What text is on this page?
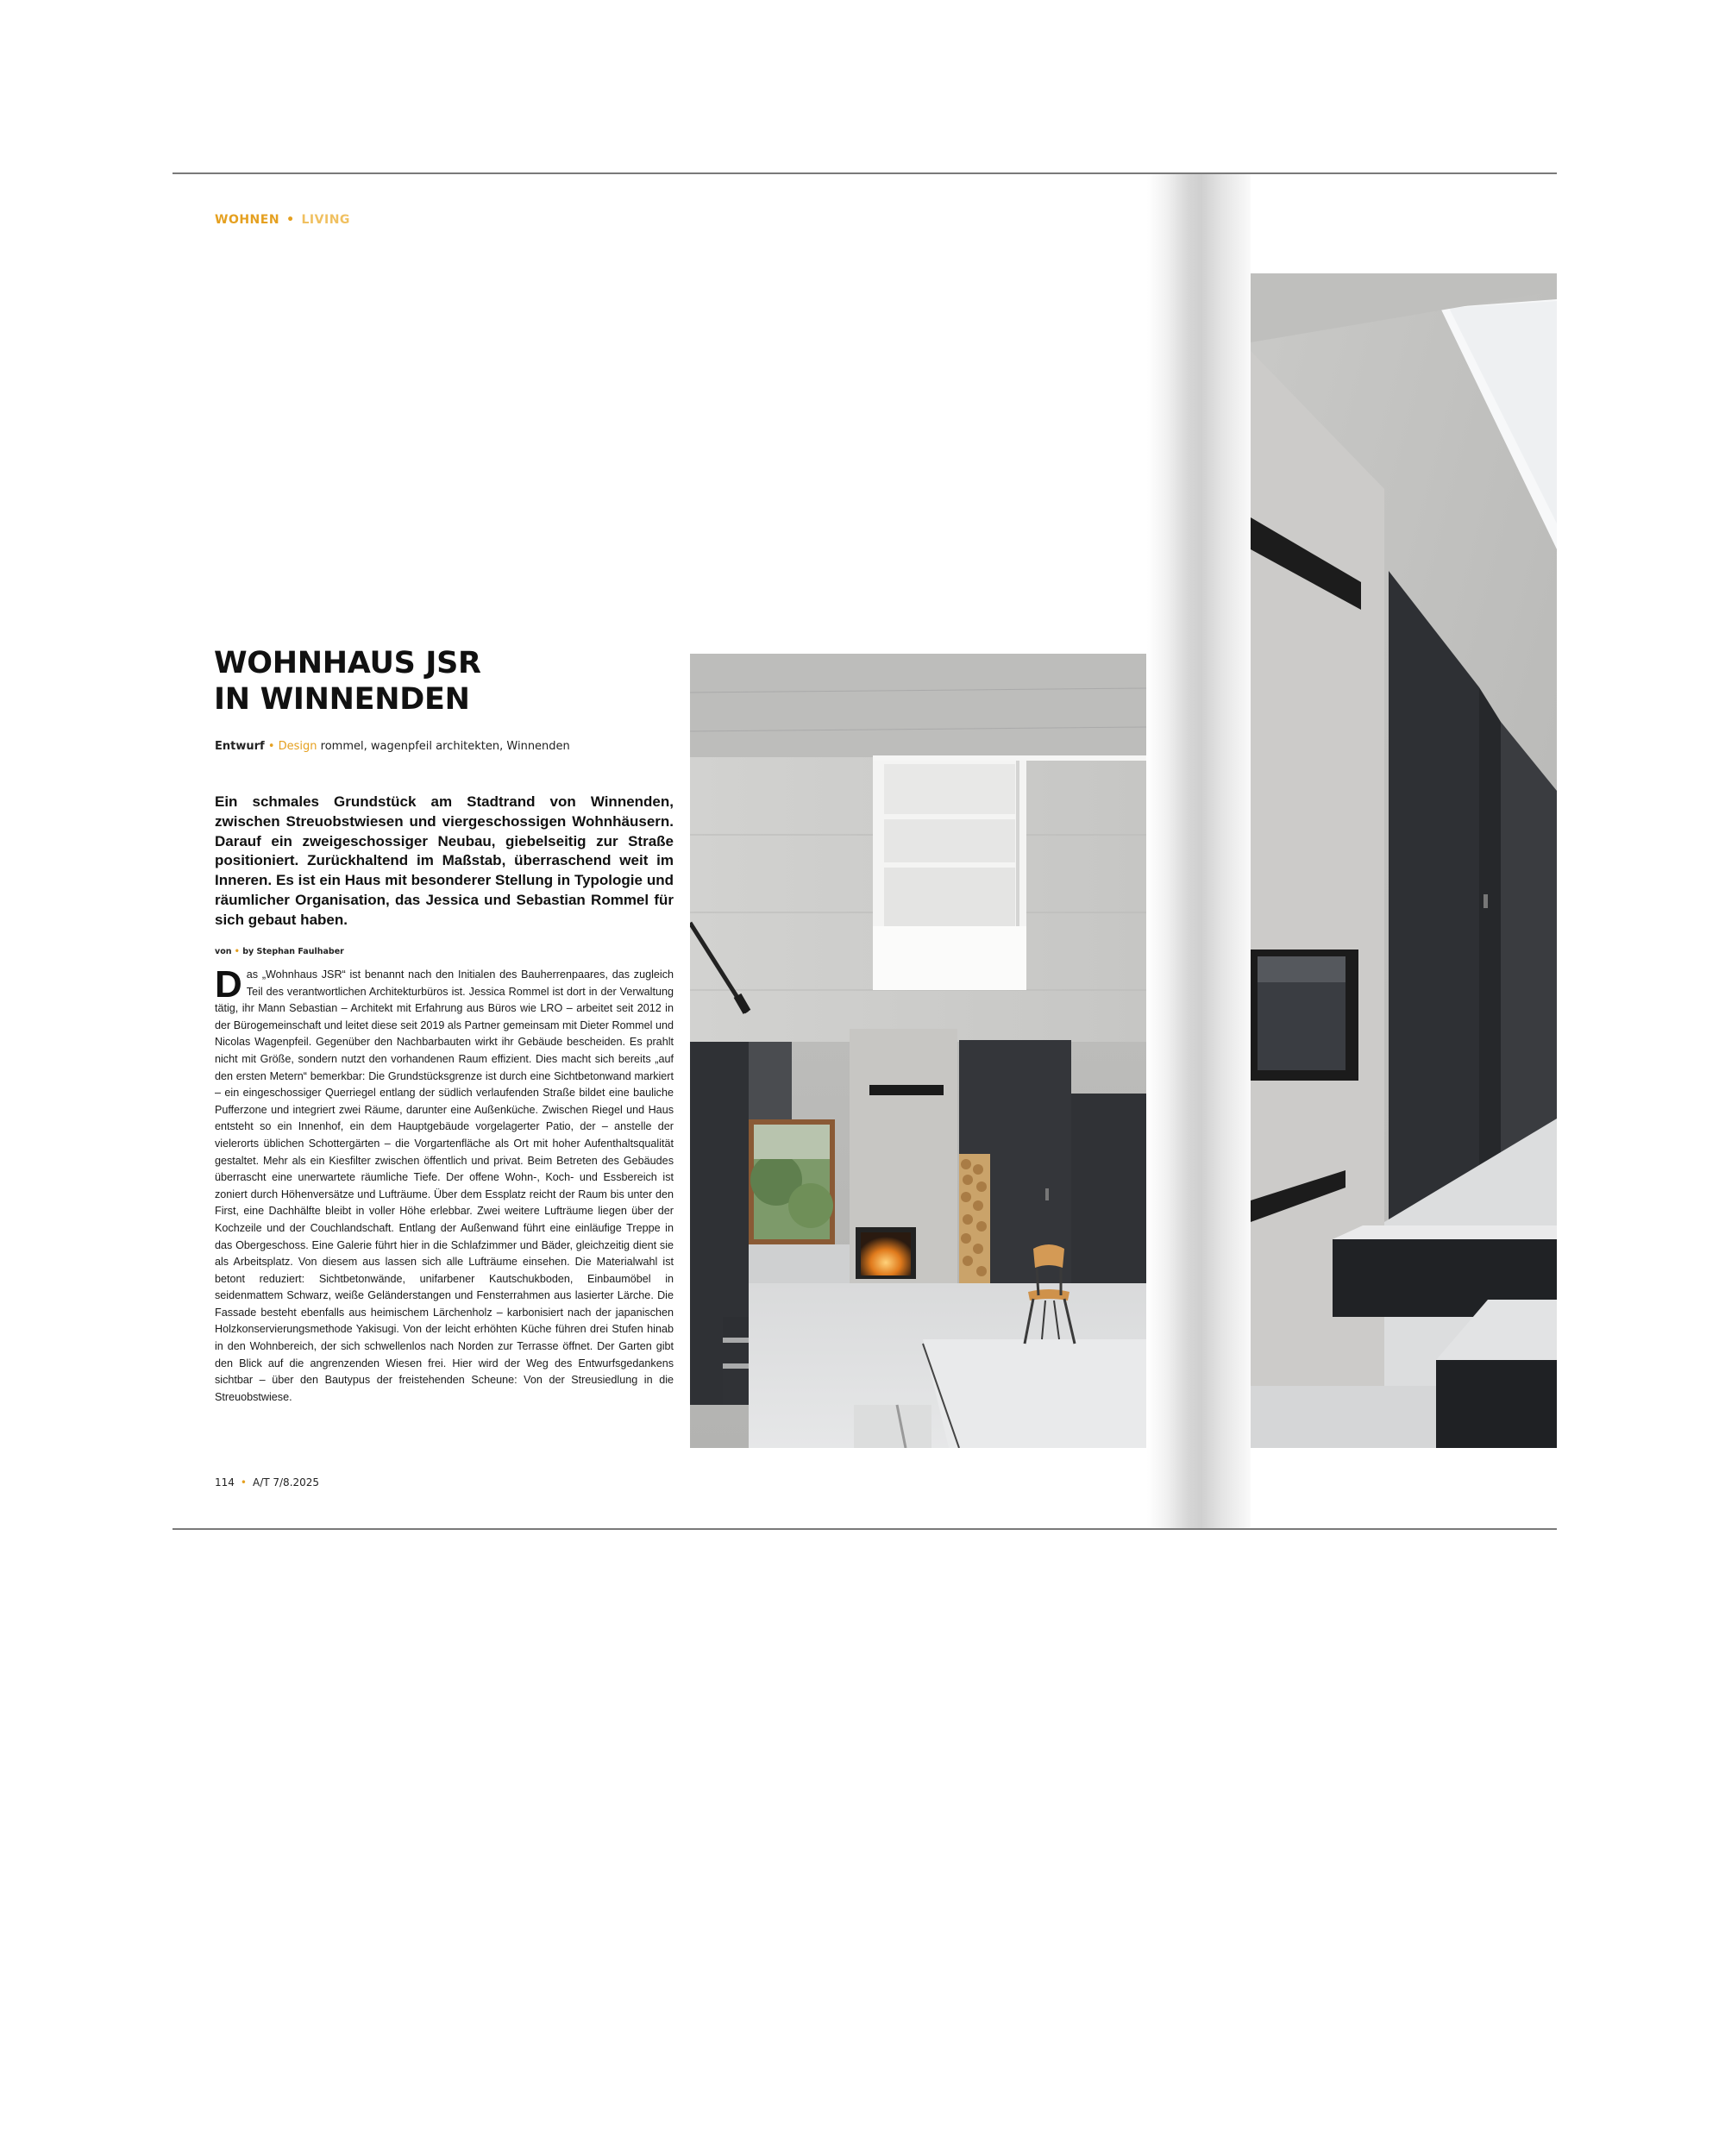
WOHNEN • LIVING
WOHNHAUS JSR
IN WINNENDEN
Entwurf • Design rommel, wagenpfeil architekten, Winnenden

Ein schmales Grundstück am Stadtrand von Winnenden, zwischen Streuobstwiesen und viergeschossigen Wohnhäusern. Darauf ein zweigeschossiger Neubau, giebelseitig zur Straße positioniert. Zurückhaltend im Maßstab, überraschend weit im Inneren. Es ist ein Haus mit besonderer Stellung in Typologie und räumlicher Organisation, das Jessica und Sebastian Rommel für sich gebaut haben.

von • by Stephan Faulhaber

Das „Wohnhaus JSR“ ist benannt nach den Initialen des Bauherrenpaares, das zugleich Teil des verantwortlichen Architekturbüros ist. Jessica Rommel ist dort in der Verwaltung tätig, ihr Mann Sebastian – Architekt mit Erfahrung aus Büros wie LRO – arbeitet seit 2012 in der Bürogemeinschaft und leitet diese seit 2019 als Partner gemeinsam mit Dieter Rommel und Nicolas Wagenpfeil. Gegenüber den Nachbarbauten wirkt ihr Gebäude bescheiden. Es prahlt nicht mit Größe, sondern nutzt den vorhandenen Raum effizient. Dies macht sich bereits „auf den ersten Metern“ bemerkbar: Die Grundstücksgrenze ist durch eine Sichtbetonwand markiert – ein eingeschossiger Querriegel entlang der südlich verlaufenden Straße bildet eine bauliche Pufferzone und integriert zwei Räume, darunter eine Außenküche. Zwischen Riegel und Haus entsteht so ein Innenhof, ein dem Hauptgebäude vorgelagerter Patio, der – anstelle der vielerorts üblichen Schottergärten – die Vorgartenfläche als Ort mit hoher Aufenthaltsqualität gestaltet. Mehr als ein Kiesfilter zwischen öffentlich und privat. Beim Betreten des Gebäudes überrascht eine unerwartete räumliche Tiefe. Der offene Wohn-, Koch- und Essbereich ist zoniert durch Höhenversätze und Lufträume. Über dem Essplatz reicht der Raum bis unter den First, eine Dachhälfte bleibt in voller Höhe erlebbar. Zwei weitere Lufträume liegen über der Kochzeile und der Couchlandschaft. Entlang der Außenwand führt eine einläufige Treppe in das Obergeschoss. Eine Galerie führt hier in die Schlafzimmer und Bäder, gleichzeitig dient sie als Arbeitsplatz. Von diesem aus lassen sich alle Lufträume einsehen. Die Materialwahl ist betont reduziert: Sichtbetonwände, unifarbener Kautschukboden, Einbaumöbel in seidenmattem Schwarz, weiße Geländerstangen und Fensterrahmen aus lasierter Lärche. Die Fassade besteht ebenfalls aus heimischem Lärchenholz – karbonisiert nach der japanischen Holzkonservierungsmethode Yakisugi. Von der leicht erhöhten Küche führen drei Stufen hinab in den Wohnbereich, der sich schwellenlos nach Norden zur Terrasse öffnet. Der Garten gibt den Blick auf die angrenzenden Wiesen frei. Hier wird der Weg des Entwurfsgedankens sichtbar – über den Bautypus der freistehenden Scheune: Von der Streusiedlung in die Streuobstwiese.

114 • A/T 7/8.2025
